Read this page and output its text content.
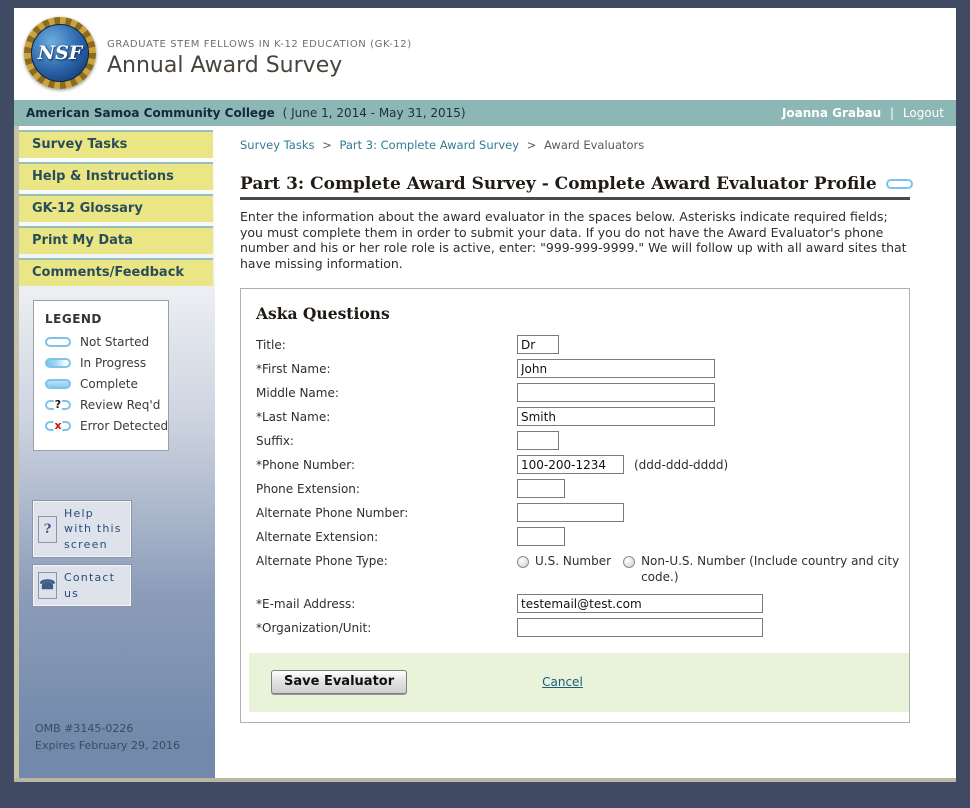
NSF GRADUATE STEM FELLOWS IN K-12 EDUCATION (GK-12)
Annual Award Survey
American Samoa Community College ( June 1, 2014 - May 31, 2015)	Joanna Grabau | Logout
Survey Tasks
Help & Instructions
GK-12 Glossary
Print My Data
Comments/Feedback
LEGEND
Not Started
In Progress
Complete
? Review Req'd
x Error Detected
?
Help with this screen
☎
Contact us
OMB #3145-0226
Expires February 29, 2016
Survey Tasks > Part 3: Complete Award Survey > Award Evaluators
Part 3: Complete Award Survey - Complete Award Evaluator Profile
Enter the information about the award evaluator in the spaces below. Asterisks indicate required fields; you must complete them in order to submit your data. If you do not have the Award Evaluator's phone number and his or her role role is active, enter: "999-999-9999." We will follow up with all award sites that have missing information.
Aska Questions
Title:
Dr
*First Name:
John
Middle Name:
*Last Name:
Smith
Suffix:
*Phone Number:
100-200-1234	(ddd-ddd-dddd)
Phone Extension:
Alternate Phone Number:
Alternate Extension:
Alternate Phone Type:	U.S. Number	Non-U.S. Number (Include country and city code.)
*E-mail Address:
testemail@test.com
*Organization/Unit:
Save Evaluator	Cancel
